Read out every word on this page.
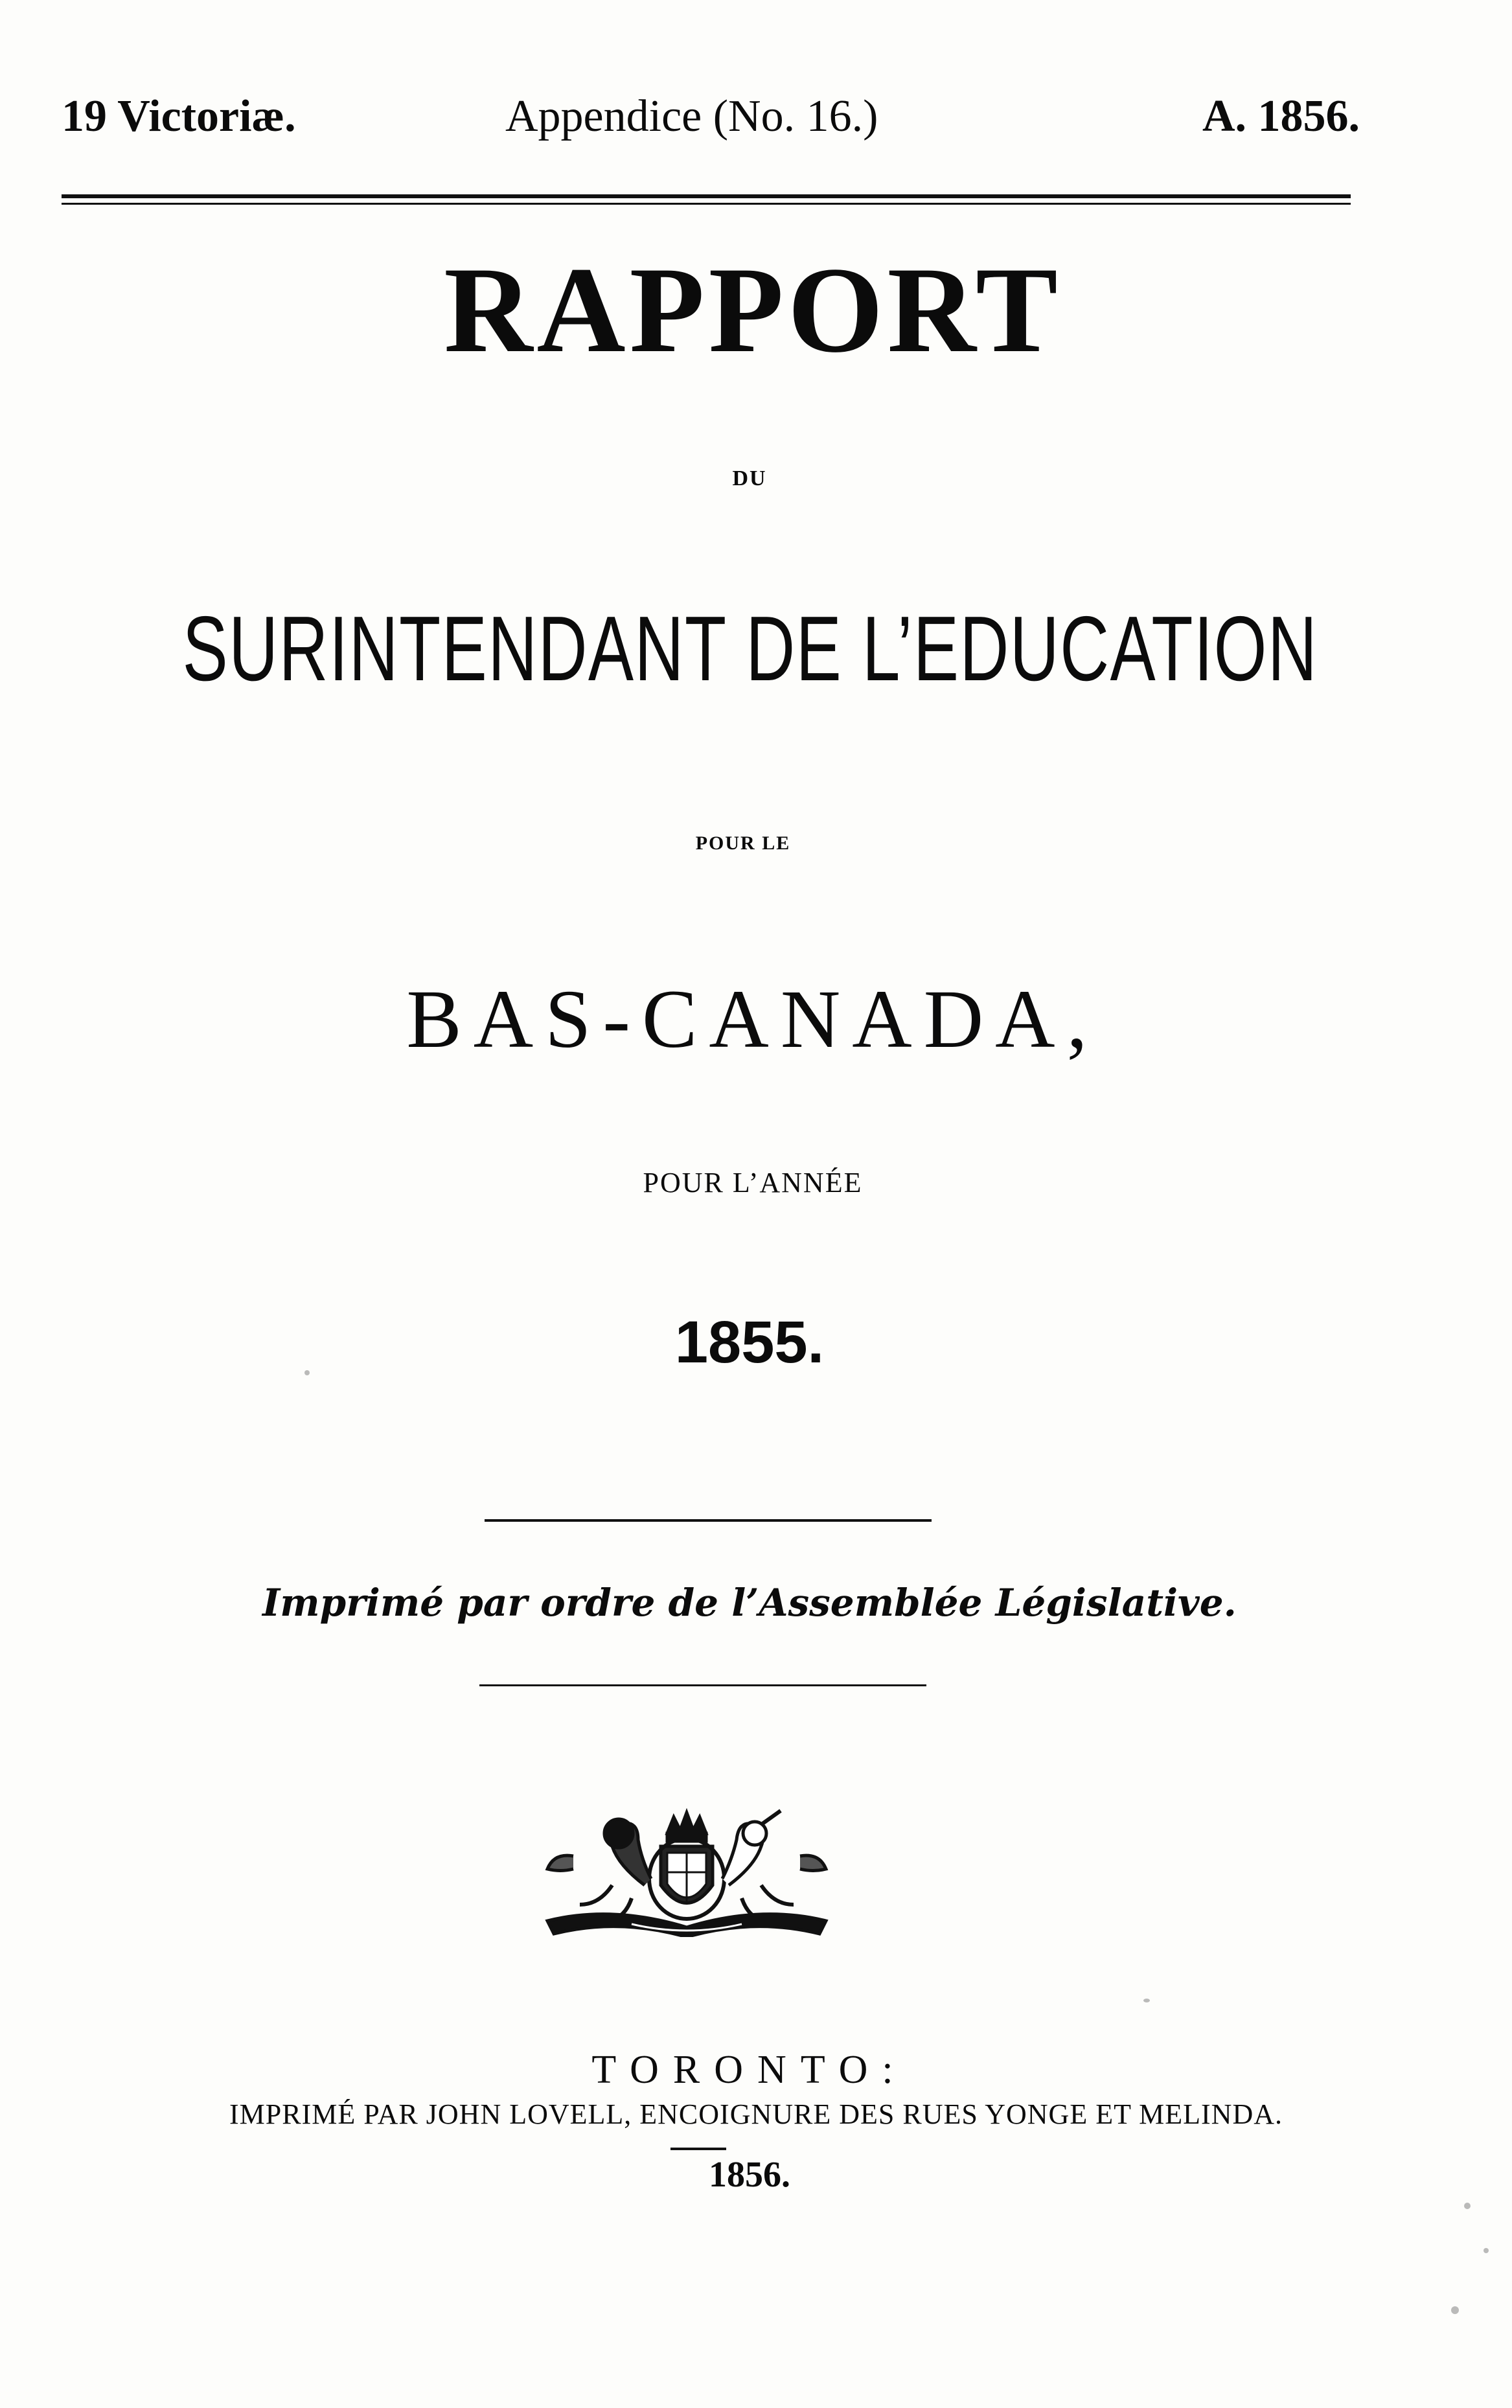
19 Victoriæ.	Appendice (No. 16.)	A. 1856.
RAPPORT
DU
SURINTENDANT DE L’EDUCATION
POUR LE
BAS-CANADA,
POUR L’ANNÉE
1855.
Imprimé par ordre de l’Assemblée Législative.
TORONTO:
IMPRIMÉ PAR JOHN LOVELL, ENCOIGNURE DES RUES YONGE ET MELINDA.
1856.
